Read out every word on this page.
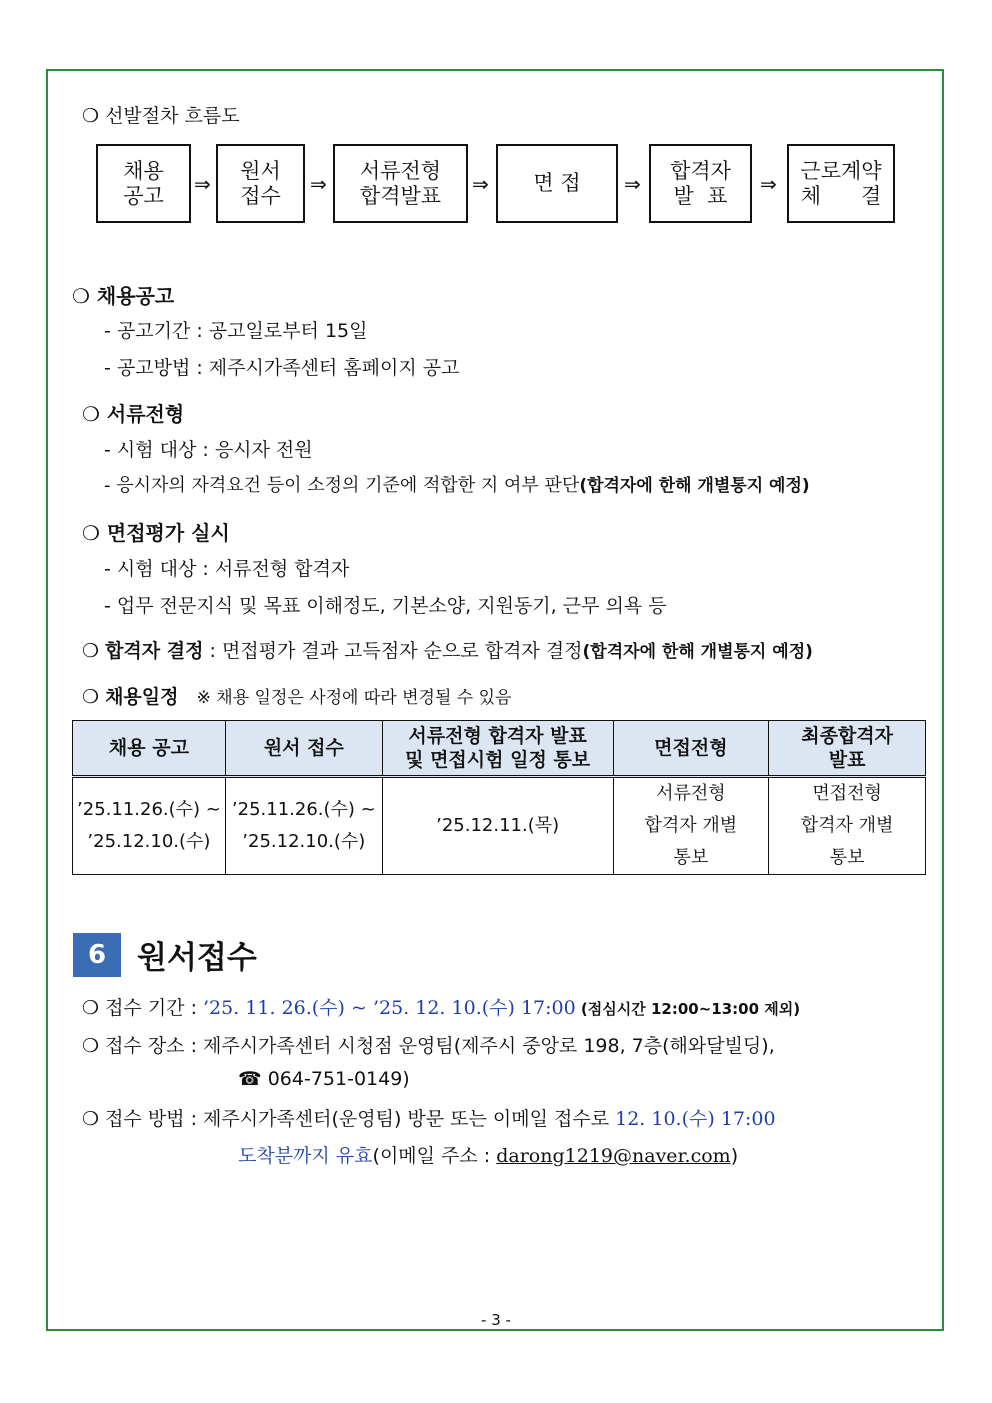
❍ 선발절차 흐름도
채용
공고 ⇒
원서
접수 ⇒
서류전형
합격발표 ⇒ 면 접 ⇒
합격자
발  표 ⇒
근로계약
체      결
❍ 채용공고
- 공고기간 : 공고일로부터 15일
- 공고방법 : 제주시가족센터 홈페이지 공고
❍ 서류전형
- 시험 대상 : 응시자 전원
- 응시자의 자격요건 등이 소정의 기준에 적합한 지 여부 판단(합격자에 한해 개별통지 예정)
❍ 면접평가 실시
- 시험 대상 : 서류전형 합격자
- 업무 전문지식 및 목표 이해정도, 기본소양, 지원동기, 근무 의욕 등
❍ 합격자 결정 : 면접평가 결과 고득점자 순으로 합격자 결정(합격자에 한해 개별통지 예정)
❍ 채용일정 ※ 채용 일정은 사정에 따라 변경될 수 있음
채용 공고	원서 접수	서류전형 합격자 발표
및 면접시험 일정 통보	면접전형	최종합격자
발표
’25.11.26.(수) ~
’25.12.10.(수)	’25.11.26.(수) ~
’25.12.10.(수)	’25.12.11.(목)	서류전형
합격자 개별
통보	면접전형
합격자 개별
통보
6 원서접수
❍ 접수 기간 : ’25. 11. 26.(수) ~ ’25. 12. 10.(수) 17:00 (점심시간 12:00~13:00 제외)
❍ 접수 장소 : 제주시가족센터 시청점 운영팀(제주시 중앙로 198, 7층(해와달빌딩),
☎ 064-751-0149)
❍ 접수 방법 : 제주시가족센터(운영팀) 방문 또는 이메일 접수로 12. 10.(수) 17:00
도착분까지 유효(이메일 주소 : darong1219@naver.com)
- 3 -
